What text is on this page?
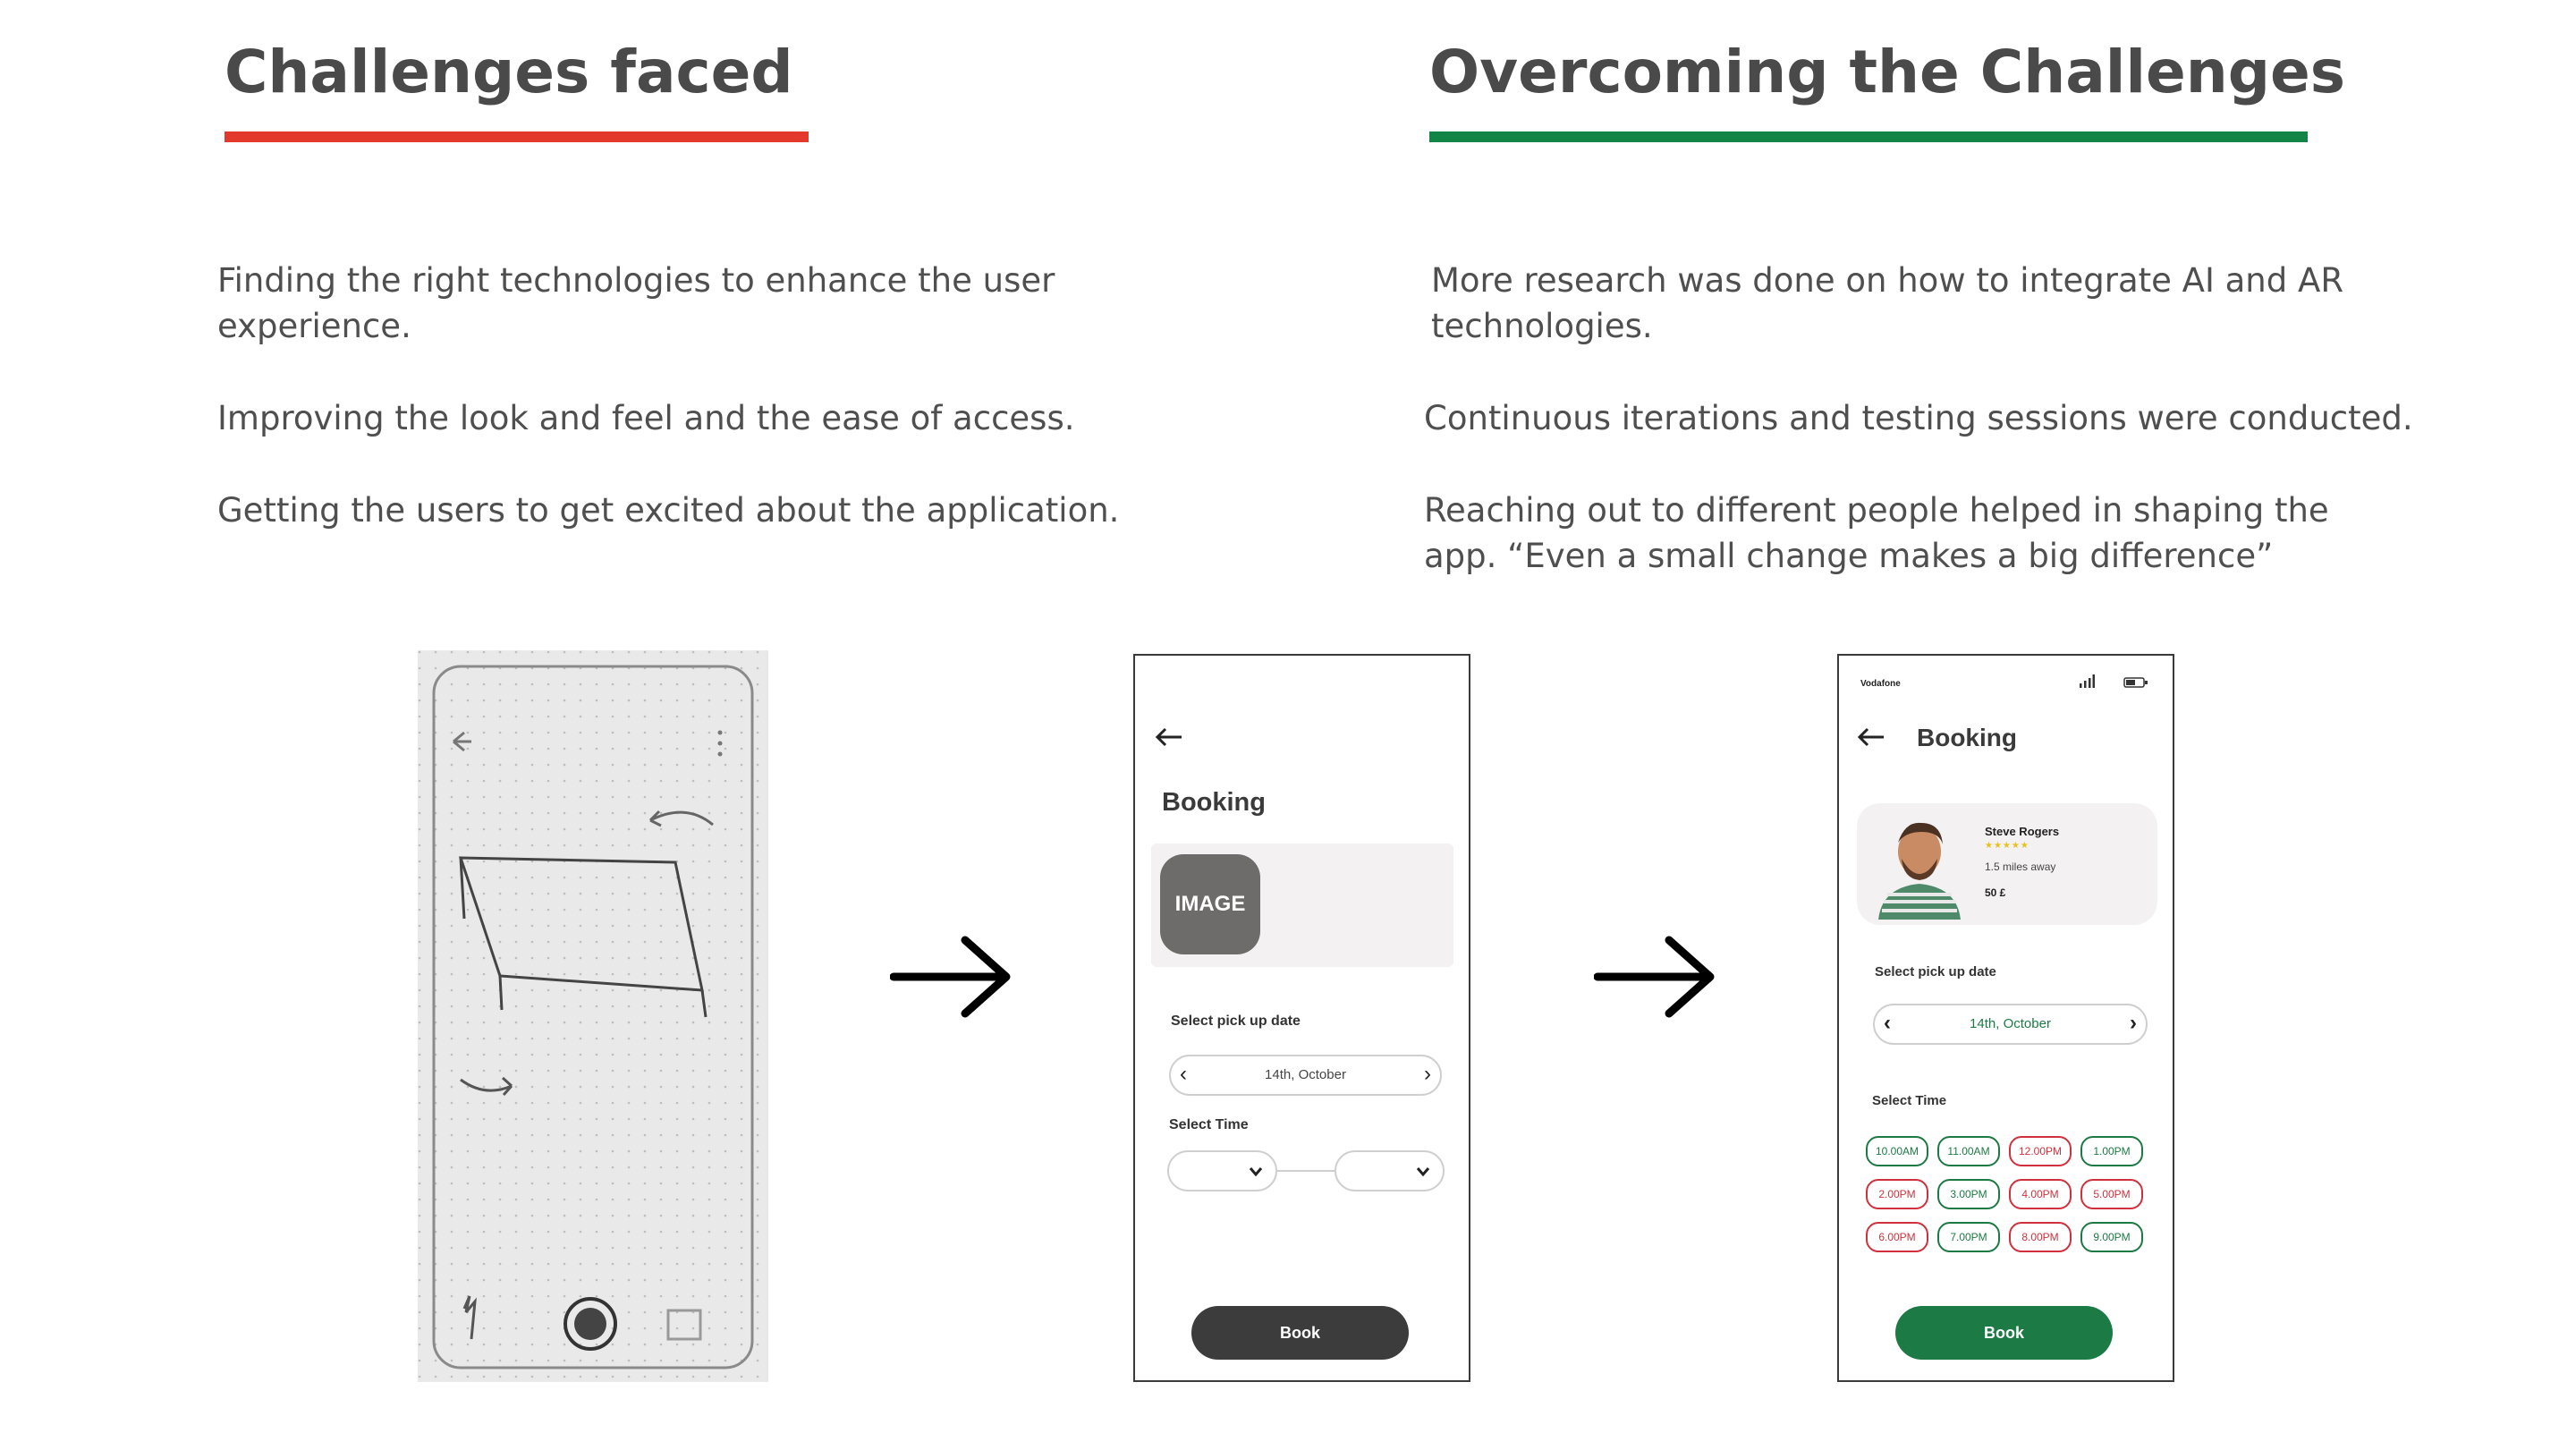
Challenges faced

Finding the right technologies to enhance the user experience.

Improving the look and feel and the ease of access.

Getting the users to get excited about the application.

Overcoming the Challenges

More research was done on how to integrate AI and AR technologies.

Continuous iterations and testing sessions were conducted.

Reaching out to different people helped in shaping the app. “Even a small change makes a big difference”

Booking
IMAGE
Select pick up date
‹	14th, October	›
Select Time
Book
Vodafone
Booking
Steve Rogers
★★★★★
1.5 miles away
50 £
Select pick up date
‹	14th, October	›
Select Time
10.00AM	11.00AM	12.00PM	1.00PM
2.00PM	3.00PM	4.00PM	5.00PM
6.00PM	7.00PM	8.00PM	9.00PM
Book
